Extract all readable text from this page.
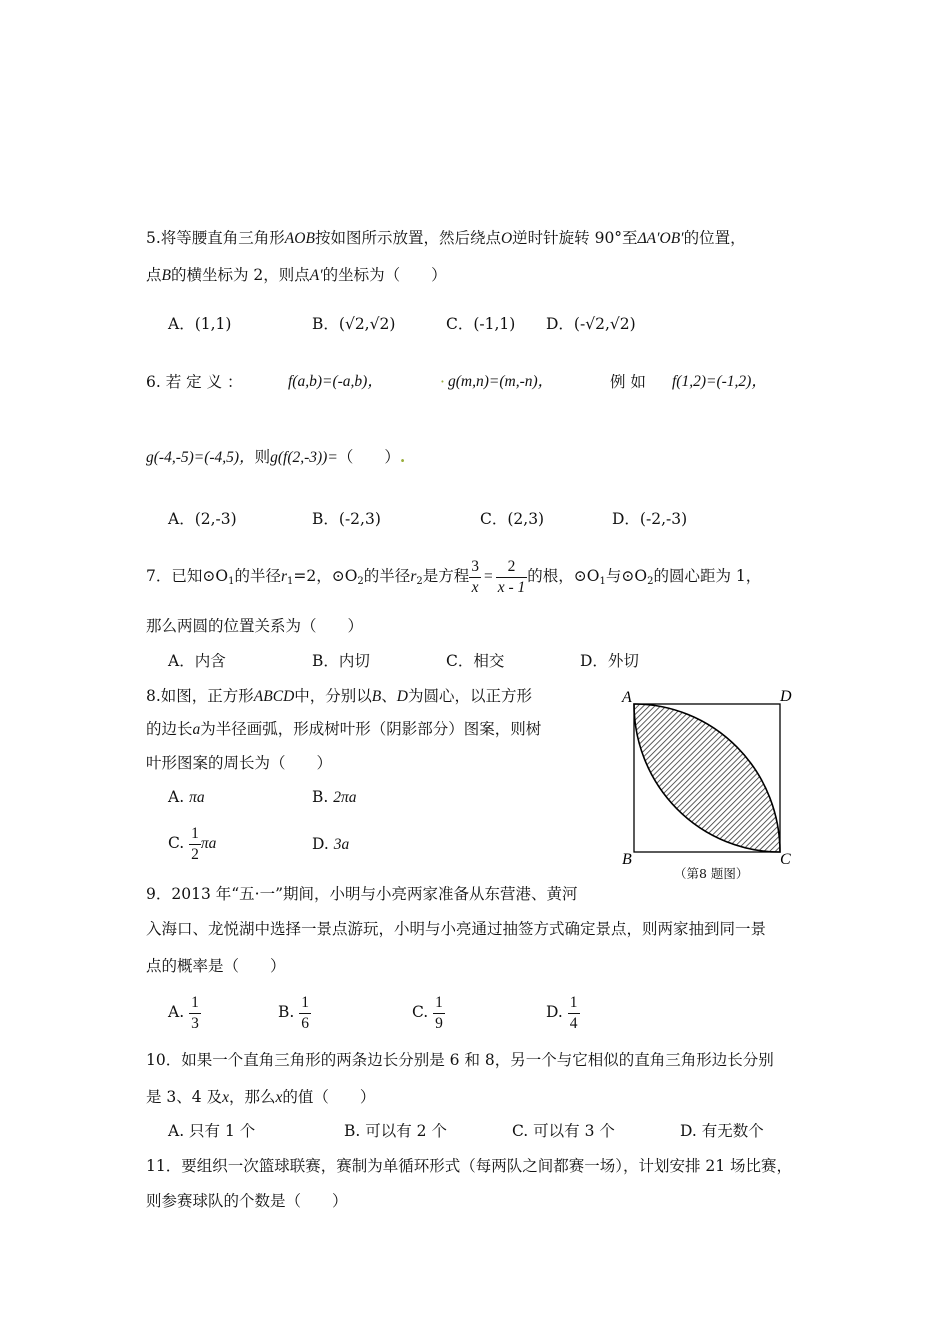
5.将等腰直角三角形AOB按如图所示放置，然后绕点O逆时针旋转 90°至ΔA′OB′的位置，
点B的横坐标为 2，则点A′的坐标为（　　）
A．(1,1)	B．(√2,√2)	C．(-1,1) D．(-√2,√2)
6. 若 定 义 ：	f(a,b)=(-a,b)，	· g(m,n)=(m,-n)，	例 如 f(1,2)=(-1,2)，
g(-4,-5)=(-4,5)，则g(f(2,-3))=（　　）.
A．(2,-3)	B．(-2,3)	C．(2,3)	D．(-2,-3)
7．已知$⊙O_1$的半径$r_1=2$，$⊙O_2$的半径$r_2$是方程 $\frac{3}{x} = \frac{2}{x - 1}$ 的根，$⊙O_1$与$⊙O_2$的圆心距为 1，
那么两圆的位置关系为（　　）
A．内含	B．内切	C．相交	D．外切
8.如图，正方形ABCD中，分别以B、D为圆心，以正方形
的边长a为半径画弧，形成树叶形（阴影部分）图案，则树
叶形图案的周长为（　　）
A. πa	B. 2πa
C. $\frac{1}{2}$ πa	D. 3a
A	D
B	C
（第8 题图）
9．2013 年“五·一”期间，小明与小亮两家准备从东营港、黄河
入海口、龙悦湖中选择一景点游玩，小明与小亮通过抽签方式确定景点，则两家抽到同一景
点的概率是（　　）
A. $\frac{1}{3}$	B. $\frac{1}{6}$	C. $\frac{1}{9}$	D. $\frac{1}{4}$
10．如果一个直角三角形的两条边长分别是 6 和 8，另一个与它相似的直角三角形边长分别
是 3、4 及x，那么x的值（　　）
A. 只有 1 个	B. 可以有 2 个	C. 可以有 3 个	D. 有无数个
11．要组织一次篮球联赛，赛制为单循环形式（每两队之间都赛一场），计划安排 21 场比赛，
则参赛球队的个数是（　　）
